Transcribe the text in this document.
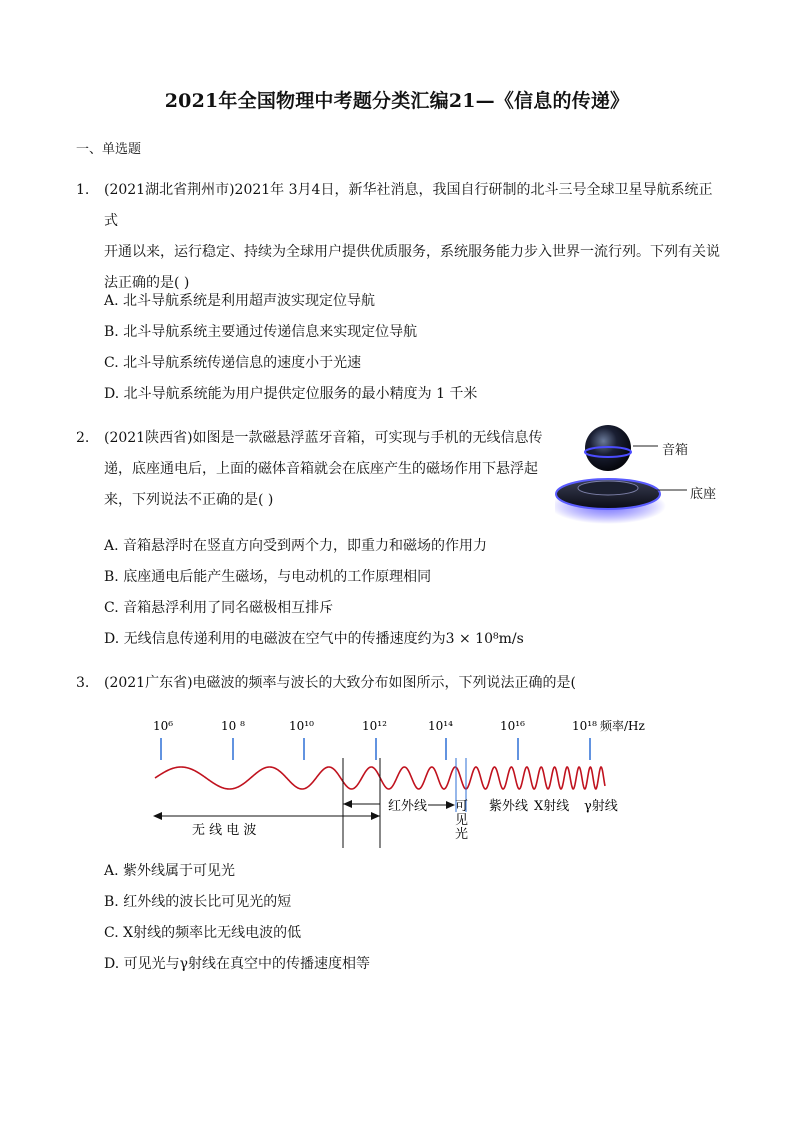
2021年全国物理中考题分类汇编21—《信息的传递》
一、单选题
1. (2021湖北省荆州市)2021年 3月4日，新华社消息，我国自行研制的北斗三号全球卫星导航系统正式
开通以来，运行稳定、持续为全球用户提供优质服务，系统服务能力步入世界一流行列。下列有关说
法正确的是( )
A. 北斗导航系统是利用超声波实现定位导航
B. 北斗导航系统主要通过传递信息来实现定位导航
C. 北斗导航系统传递信息的速度小于光速
D. 北斗导航系统能为用户提供定位服务的最小精度为 1 千米
2. (2021陕西省)如图是一款磁悬浮蓝牙音箱，可实现与手机的无线信息传
递，底座通电后，上面的磁体音箱就会在底座产生的磁场作用下悬浮起
来，下列说法不正确的是( )
音箱
底座
A. 音箱悬浮时在竖直方向受到两个力，即重力和磁场的作用力
B. 底座通电后能产生磁场，与电动机的工作原理相同
C. 音箱悬浮利用了同名磁极相互排斥
D. 无线信息传递利用的电磁波在空气中的传播速度约为3 × 10⁸m/s
3. (2021广东省)电磁波的频率与波长的大致分布如图所示，下列说法正确的是(
10⁶	10 ⁸	10¹⁰	10¹²	10¹⁴	10¹⁶	10¹⁸ 频率/Hz
无 线 电 波
红外线 可
见
光
紫外线 X射线 γ射线
A. 紫外线属于可见光
B. 红外线的波长比可见光的短
C. X射线的频率比无线电波的低
D. 可见光与γ射线在真空中的传播速度相等
